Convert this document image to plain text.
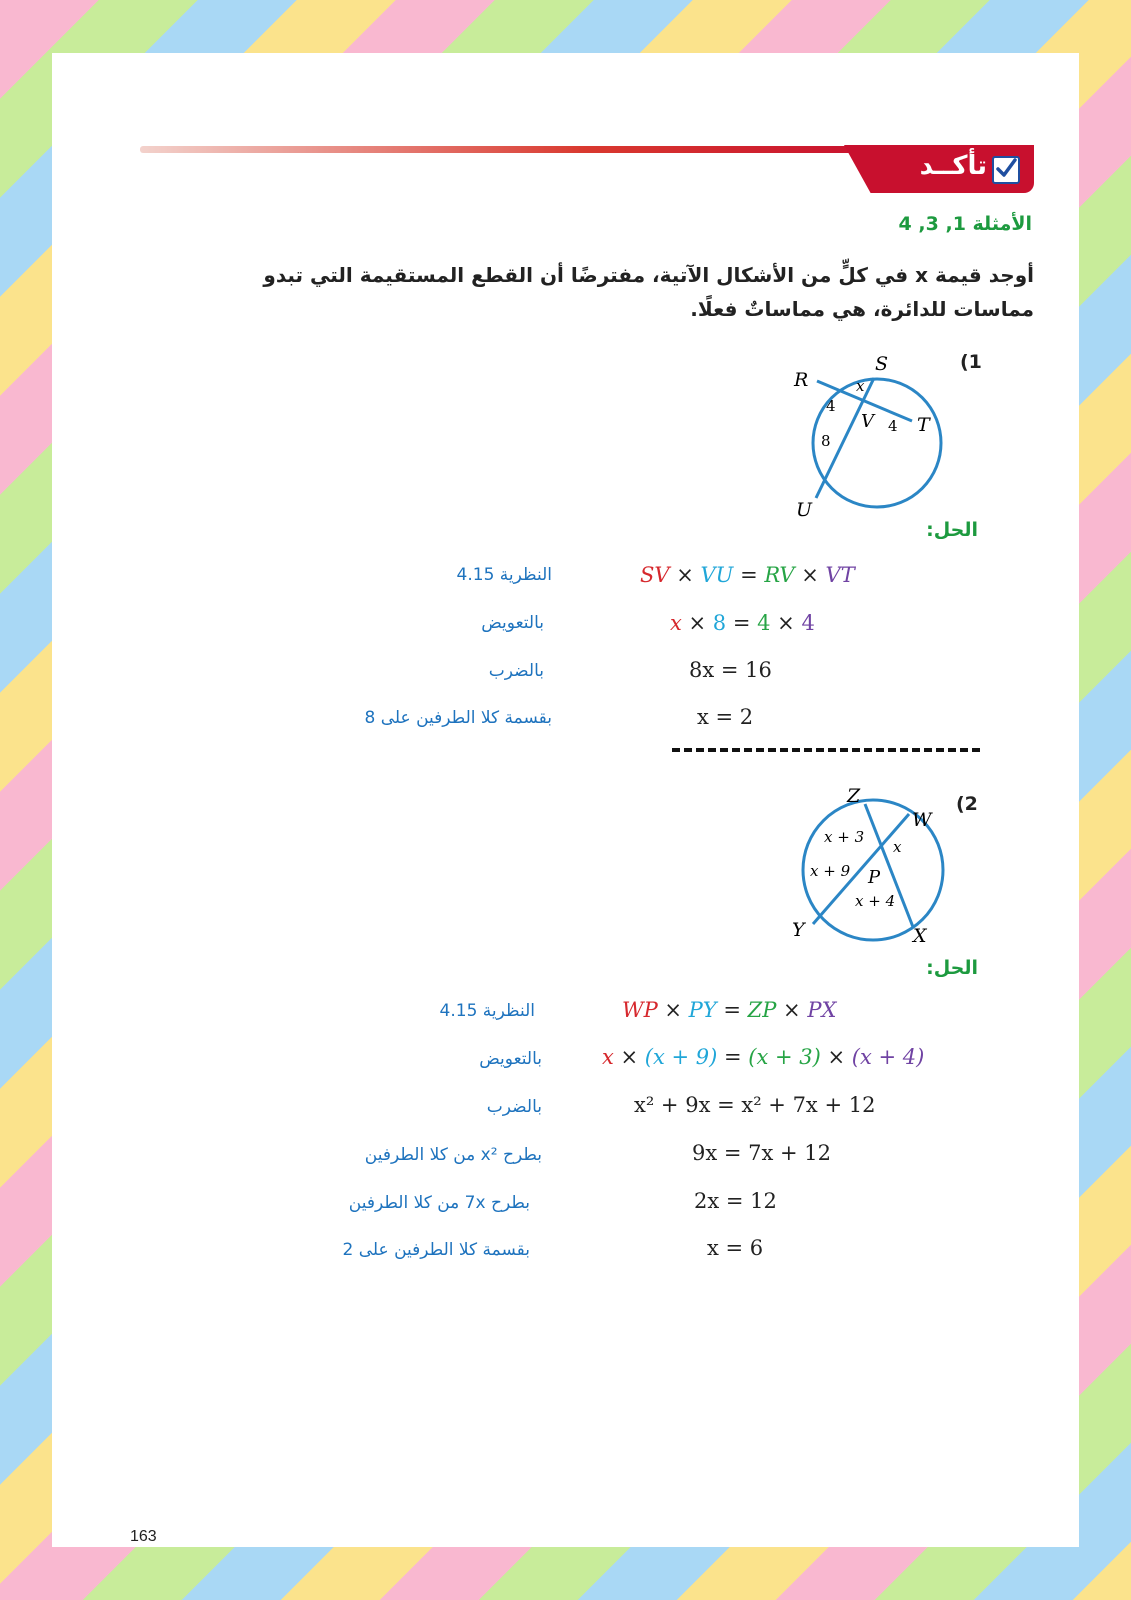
تأكــد
الأمثلة 1, 3, 4
أوجد قيمة x في كلٍّ من الأشكال الآتية، مفترضًا أن القطع المستقيمة التي تبدو مماسات للدائرة، هي مماساتٌ فعلًا.
(1
R
S
T
U
V
4
x
4
8
الحل:
النظرية 4.15	SV × VU = RV × VT
بالتعويض	x × 8 = 4 × 4
بالضرب	8x = 16
بقسمة كلا الطرفين على 8	x = 2
(2
Z
W
P
Y	X
x + 3
x
x + 9
x + 4
الحل:
النظرية 4.15	WP × PY = ZP × PX
بالتعويض	x × (x + 9) = (x + 3) × (x + 4)
بالضرب	x² + 9x = x² + 7x + 12
بطرح x² من كلا الطرفين	9x = 7x + 12
بطرح 7x من كلا الطرفين	2x = 12
بقسمة كلا الطرفين على 2	x = 6
163
